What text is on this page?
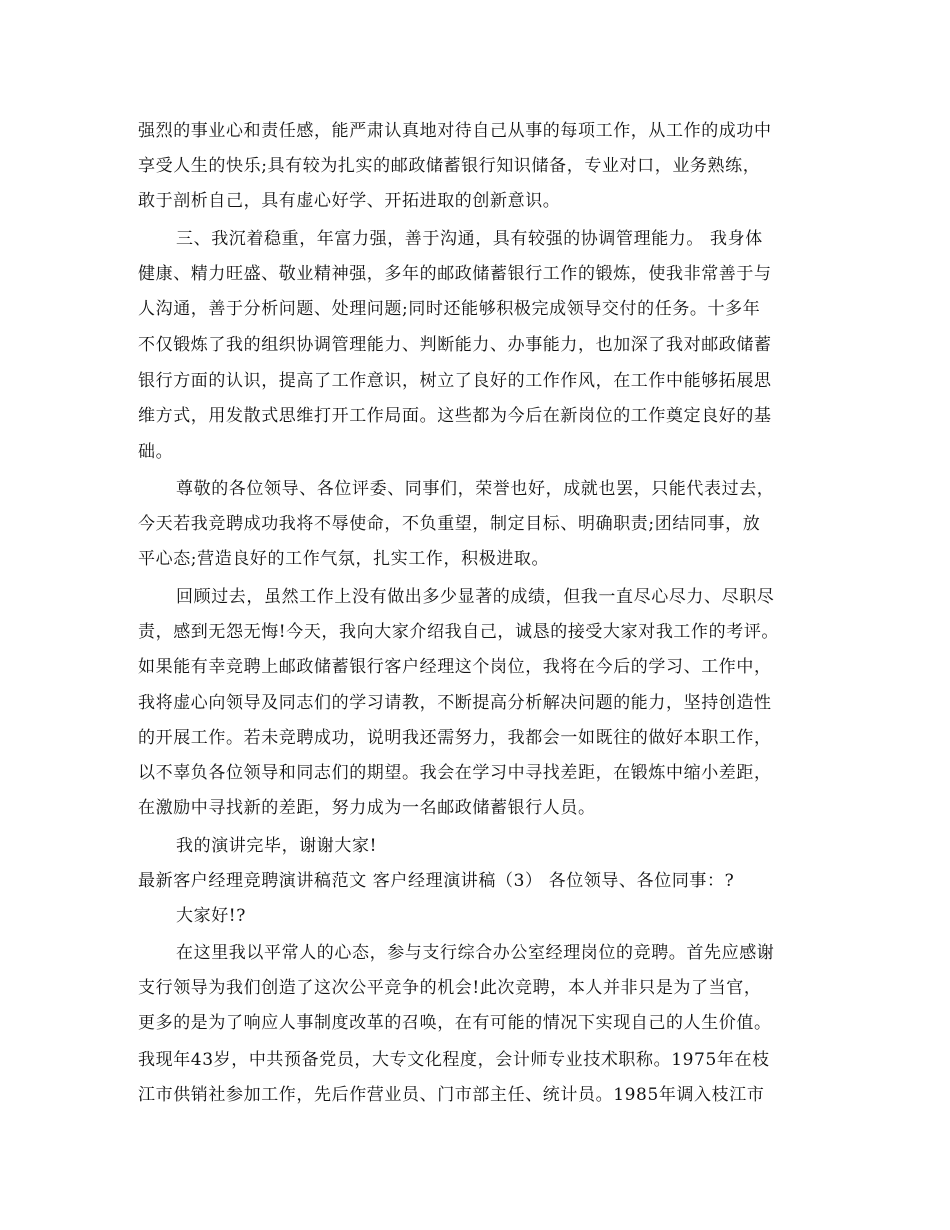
强烈的事业心和责任感，能严肃认真地对待自己从事的每项工作，从工作的成功中
享受人生的快乐;具有较为扎实的邮政储蓄银行知识储备，专业对口，业务熟练，
敢于剖析自己，具有虚心好学、开拓进取的创新意识。
三、我沉着稳重，年富力强，善于沟通，具有较强的协调管理能力。 我身体
健康、精力旺盛、敬业精神强，多年的邮政储蓄银行工作的锻炼，使我非常善于与
人沟通，善于分析问题、处理问题;同时还能够积极完成领导交付的任务。十多年
不仅锻炼了我的组织协调管理能力、判断能力、办事能力，也加深了我对邮政储蓄
银行方面的认识，提高了工作意识，树立了良好的工作作风，在工作中能够拓展思
维方式，用发散式思维打开工作局面。这些都为今后在新岗位的工作奠定良好的基
础。
尊敬的各位领导、各位评委、同事们，荣誉也好，成就也罢，只能代表过去，
今天若我竞聘成功我将不辱使命，不负重望，制定目标、明确职责;团结同事，放
平心态;营造良好的工作气氛，扎实工作，积极进取。
回顾过去，虽然工作上没有做出多少显著的成绩，但我一直尽心尽力、尽职尽
责，感到无怨无悔!今天，我向大家介绍我自己，诚恳的接受大家对我工作的考评。
如果能有幸竞聘上邮政储蓄银行客户经理这个岗位，我将在今后的学习、工作中，
我将虚心向领导及同志们的学习请教，不断提高分析解决问题的能力，坚持创造性
的开展工作。若未竞聘成功，说明我还需努力，我都会一如既往的做好本职工作，
以不辜负各位领导和同志们的期望。我会在学习中寻找差距，在锻炼中缩小差距，
在激励中寻找新的差距，努力成为一名邮政储蓄银行人员。
我的演讲完毕，谢谢大家!
最新客户经理竞聘演讲稿范文 客户经理演讲稿（3） 各位领导、各位同事：?
大家好!?
在这里我以平常人的心态，参与支行综合办公室经理岗位的竞聘。首先应感谢
支行领导为我们创造了这次公平竞争的机会!此次竞聘，本人并非只是为了当官，
更多的是为了响应人事制度改革的召唤，在有可能的情况下实现自己的人生价值。
我现年43岁，中共预备党员，大专文化程度，会计师专业技术职称。1975年在枝
江市供销社参加工作，先后作营业员、门市部主任、统计员。1985年调入枝江市
